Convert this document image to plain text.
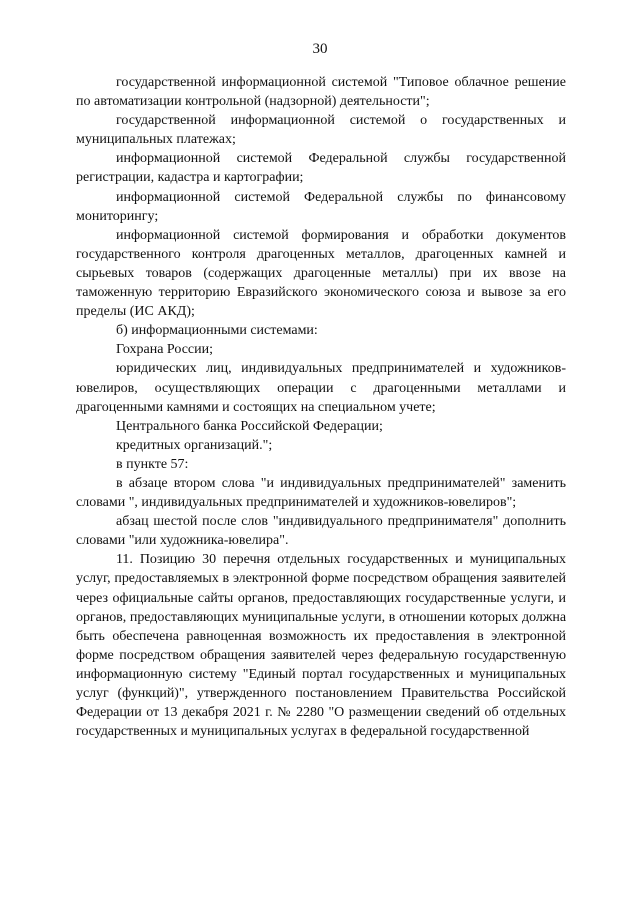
30

государственной информационной системой "Типовое облачное решение по автоматизации контрольной (надзорной) деятельности";

государственной информационной системой о государственных и муниципальных платежах;

информационной системой Федеральной службы государственной регистрации, кадастра и картографии;

информационной системой Федеральной службы по финансовому мониторингу;

информационной системой формирования и обработки документов государственного контроля драгоценных металлов, драгоценных камней и сырьевых товаров (содержащих драгоценные металлы) при их ввозе на таможенную территорию Евразийского экономического союза и вывозе за его пределы (ИС АКД);

б) информационными системами:

Гохрана России;

юридических лиц, индивидуальных предпринимателей и художников-ювелиров, осуществляющих операции с драгоценными металлами и драгоценными камнями и состоящих на специальном учете;

Центрального банка Российской Федерации;

кредитных организаций.";

в пункте 57:

в абзаце втором слова "и индивидуальных предпринимателей" заменить словами ", индивидуальных предпринимателей и художников-ювелиров";

абзац шестой после слов "индивидуального предпринимателя" дополнить словами "или художника-ювелира".

11. Позицию 30 перечня отдельных государственных и муниципальных услуг, предоставляемых в электронной форме посредством обращения заявителей через официальные сайты органов, предоставляющих государственные услуги, и органов, предоставляющих муниципальные услуги, в отношении которых должна быть обеспечена равноценная возможность их предоставления в электронной форме посредством обращения заявителей через федеральную государственную информационную систему "Единый портал государственных и муниципальных услуг (функций)", утвержденного постановлением Правительства Российской Федерации от 13 декабря 2021 г. № 2280 "О размещении сведений об отдельных государственных и муниципальных услугах в федеральной государственной
